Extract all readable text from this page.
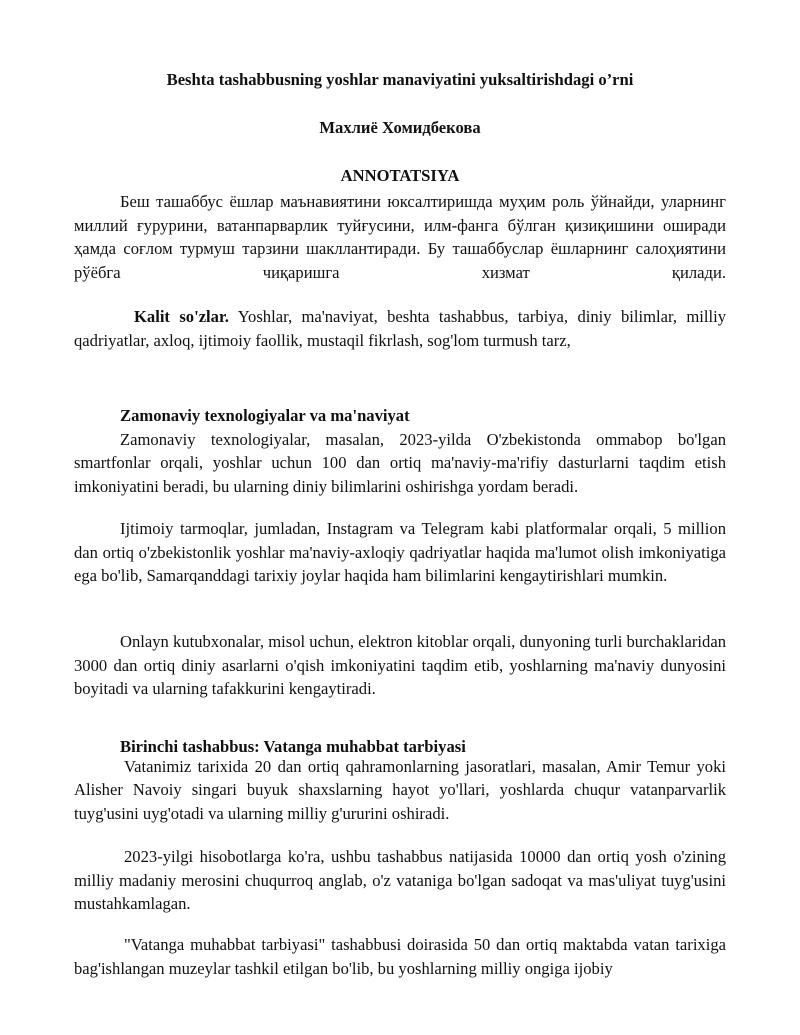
Beshta tashabbusning yoshlar manaviyatini yuksaltirishdagi o’rni
Махлиё Хомидбекова
ANNOTATSIYA

Беш ташаббус ёшлар маънавиятини юксалтиришда муҳим роль ўйнайди, уларнинг миллий ғурурини, ватанпарварлик туйғусини, илм-фанга бўлган қизиқишини оширади ҳамда соғлом турмуш тарзини шакллантиради. Бу ташаббуслар ёшларнинг салоҳиятини рўёбга чиқаришга хизмат қилади.

Kalit so'zlar. Yoshlar, ma'naviyat, beshta tashabbus, tarbiya, diniy bilimlar, milliy qadriyatlar, axloq, ijtimoiy faollik, mustaqil fikrlash, sog'lom turmush tarz,

Zamonaviy texnologiyalar va ma'naviyat

Zamonaviy texnologiyalar, masalan, 2023-yilda O'zbekistonda ommabop bo'lgan smartfonlar orqali, yoshlar uchun 100 dan ortiq ma'naviy-ma'rifiy dasturlarni taqdim etish imkoniyatini beradi, bu ularning diniy bilimlarini oshirishga yordam beradi.

Ijtimoiy tarmoqlar, jumladan, Instagram va Telegram kabi platformalar orqali, 5 million dan ortiq o'zbekistonlik yoshlar ma'naviy-axloqiy qadriyatlar haqida ma'lumot olish imkoniyatiga ega bo'lib, Samarqanddagi tarixiy joylar haqida ham bilimlarini kengaytirishlari mumkin.

Onlayn kutubxonalar, misol uchun, elektron kitoblar orqali, dunyoning turli burchaklaridan 3000 dan ortiq diniy asarlarni o'qish imkoniyatini taqdim etib, yoshlarning ma'naviy dunyosini boyitadi va ularning tafakkurini kengaytiradi.

Birinchi tashabbus: Vatanga muhabbat tarbiyasi

Vatanimiz tarixida 20 dan ortiq qahramonlarning jasoratlari, masalan, Amir Temur yoki Alisher Navoiy singari buyuk shaxslarning hayot yo'llari, yoshlarda chuqur vatanparvarlik tuyg'usini uyg'otadi va ularning milliy g'ururini oshiradi.

2023-yilgi hisobotlarga ko'ra, ushbu tashabbus natijasida 10000 dan ortiq yosh o'zining milliy madaniy merosini chuqurroq anglab, o'z vataniga bo'lgan sadoqat va mas'uliyat tuyg'usini mustahkamlagan.

"Vatanga muhabbat tarbiyasi" tashabbusi doirasida 50 dan ortiq maktabda vatan tarixiga bag'ishlangan muzeylar tashkil etilgan bo'lib, bu yoshlarning milliy ongiga ijobiy
